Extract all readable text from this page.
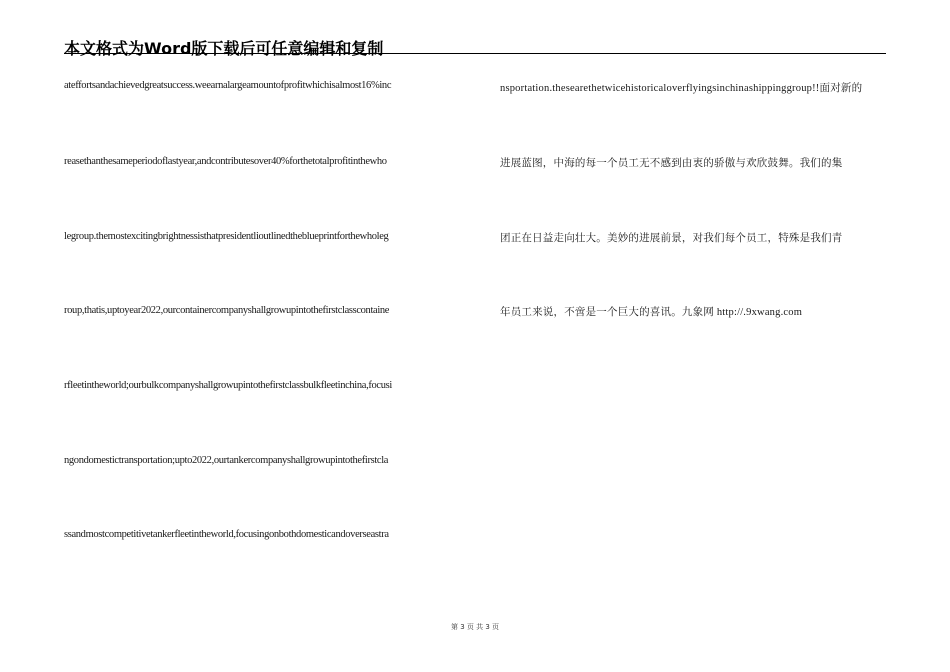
本文格式为Word版下载后可任意编辑和复制
ateffortsandachievedgreatsuccess.weearnalargeamountofprofitwhichisalmost16%inc
reasethanthesameperiodoflastyear,andcontributesover40%forthetotalprofitinthewho
legroup.themostexcitingbrightnessisthatpresidentlioutlinedtheblueprintforthewholeg
roup,thatis,uptoyear2022,ourcontainercompanyshallgrowupintothefirstclasscontaine
rfleetintheworld;ourbulkcompanyshallgrowupintothefirstclassbulkfleetinchina,focusi
ngondomestictransportation;upto2022,ourtankercompanyshallgrowupintothefirstcla
ssandmostcompetitivetankerfleetintheworld,focusingonbothdomesticandoverseastra
nsportation.thesearethetwicehistoricaloverflyingsinchinashippinggroup!!面对新的
进展蓝图，中海的每一个员工无不感到由衷的骄傲与欢欣鼓舞。我们的集
团正在日益走向壮大。美妙的进展前景，对我们每个员工，特殊是我们青
年员工来说，不啻是一个巨大的喜讯。九象网 http://.9xwang.com
第 3 页 共 3 页
